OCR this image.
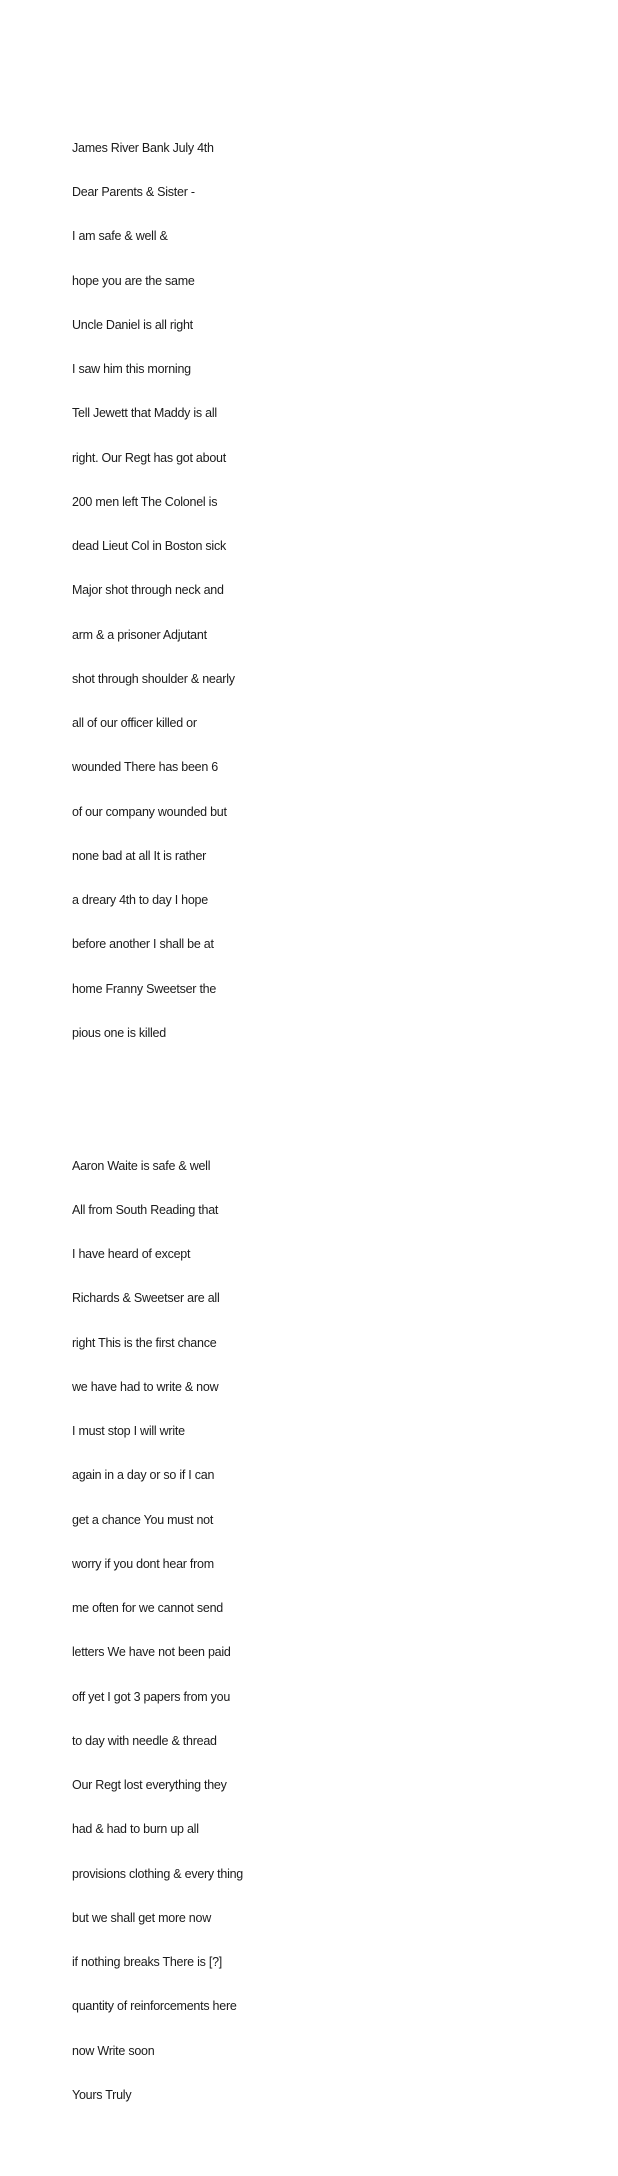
James River Bank July 4th

Dear Parents & Sister -

I am safe & well &

hope you are the same

Uncle Daniel is all right

I saw him this morning

Tell Jewett that Maddy is all

right. Our Regt has got about

200 men left The Colonel is

dead Lieut Col in Boston sick

Major shot through neck and

arm & a prisoner Adjutant

shot through shoulder & nearly

all of our officer killed or

wounded There has been 6

of our company wounded but

none bad at all It is rather

a dreary 4th to day I hope

before another I shall be at

home Franny Sweetser the

pious one is killed

Aaron Waite is safe & well

All from South Reading that

I have heard of except

Richards & Sweetser are all

right This is the first chance

we have had to write & now

I must stop I will write

again in a day or so if I can

get a chance You must not

worry if you dont hear from

me often for we cannot send

letters We have not been paid

off yet I got 3 papers from you

to day with needle & thread

Our Regt lost everything they

had & had to burn up all

provisions clothing & every thing

but we shall get more now

if nothing breaks There is [?]

quantity of reinforcements here

now Write soon

Yours Truly
